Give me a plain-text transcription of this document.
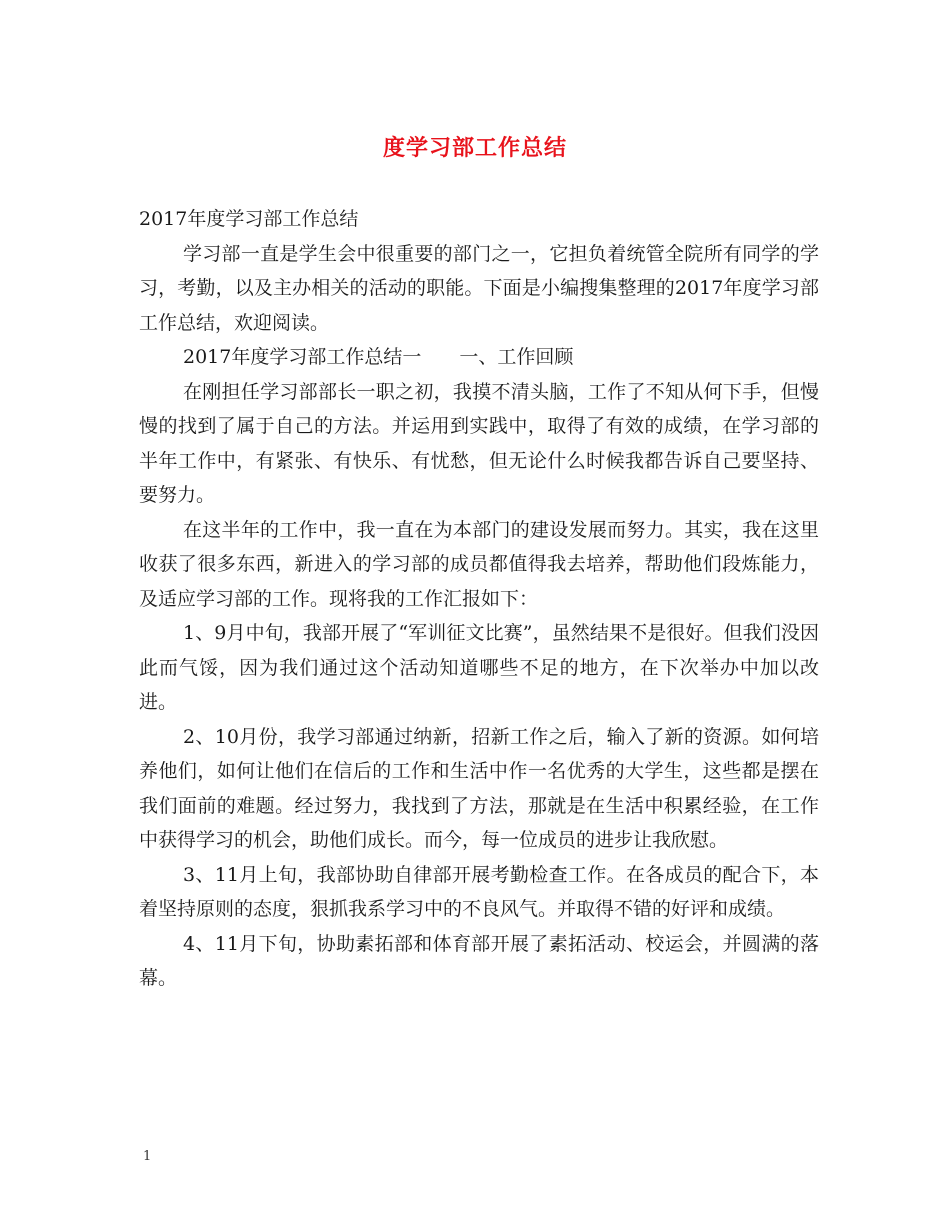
度学习部工作总结

2017年度学习部工作总结

学习部一直是学生会中很重要的部门之一，它担负着统管全院所有同学的学习，考勤，以及主办相关的活动的职能。下面是小编搜集整理的2017年度学习部工作总结，欢迎阅读。

2017年度学习部工作总结一　　一、工作回顾

在刚担任学习部部长一职之初，我摸不清头脑，工作了不知从何下手，但慢慢的找到了属于自己的方法。并运用到实践中，取得了有效的成绩，在学习部的半年工作中，有紧张、有快乐、有忧愁，但无论什么时候我都告诉自己要坚持、要努力。

在这半年的工作中，我一直在为本部门的建设发展而努力。其实，我在这里收获了很多东西，新进入的学习部的成员都值得我去培养，帮助他们段炼能力，及适应学习部的工作。现将我的工作汇报如下：

1、9月中旬，我部开展了“军训征文比赛”，虽然结果不是很好。但我们没因此而气馁，因为我们通过这个活动知道哪些不足的地方，在下次举办中加以改进。

2、10月份，我学习部通过纳新，招新工作之后，输入了新的资源。如何培养他们，如何让他们在信后的工作和生活中作一名优秀的大学生，这些都是摆在我们面前的难题。经过努力，我找到了方法，那就是在生活中积累经验，在工作中获得学习的机会，助他们成长。而今，每一位成员的进步让我欣慰。

3、11月上旬，我部协助自律部开展考勤检查工作。在各成员的配合下，本着坚持原则的态度，狠抓我系学习中的不良风气。并取得不错的好评和成绩。

4、11月下旬，协助素拓部和体育部开展了素拓活动、校运会，并圆满的落幕。

1
